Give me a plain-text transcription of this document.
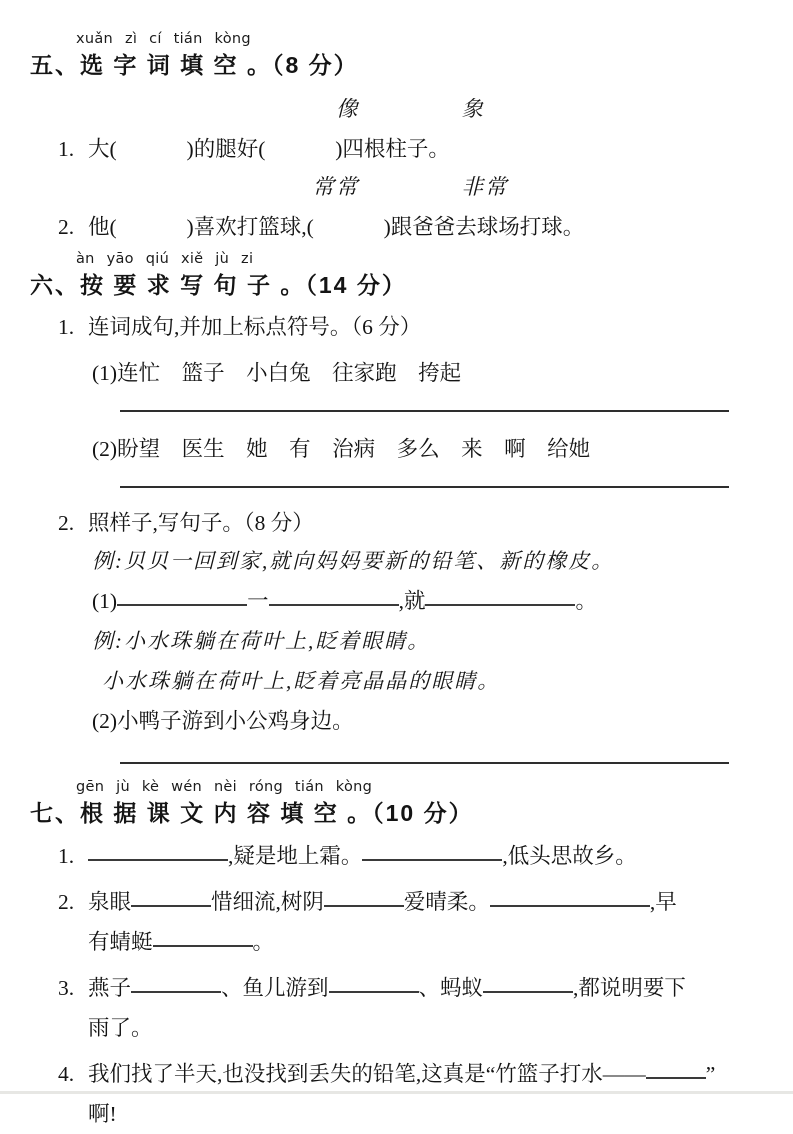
xuǎn zì cí tián kòng
五、选 字 词 填 空 。（8 分）
像	象
1. 大(　　　 )的腿好(　　　 )四根柱子。
常常	非常
2. 他(　　　 )喜欢打篮球,(　　　 )跟爸爸去球场打球。
àn yāo qiú xiě jù zi
六、按 要 求 写 句 子 。（14 分）
1. 连词成句,并加上标点符号。（6 分）
(1)连忙　篮子　小白兔　往家跑　挎起
(2)盼望　医生　她　有　治病　多么　来　啊　给她
2. 照样子,写句子。（8 分）
例:贝贝一回到家,就向妈妈要新的铅笔、新的橡皮。
(1)	一	,就	。
例:小水珠躺在荷叶上,眨着眼睛。
小水珠躺在荷叶上,眨着亮晶晶的眼睛。
(2)小鸭子游到小公鸡身边。
gēn jù kè wén nèi róng tián kòng
七、根 据 课 文 内 容 填 空 。（10 分）
1.	,疑是地上霜。	,低头思故乡。
2. 泉眼	惜细流,树阴	爱晴柔。	,早
有蜻蜓	。
3. 燕子	、鱼儿游到	、蚂蚁	,都说明要下
雨了。
4. 我们找了半天,也没找到丢失的铅笔,这真是“竹篮子打水——	”
啊!
